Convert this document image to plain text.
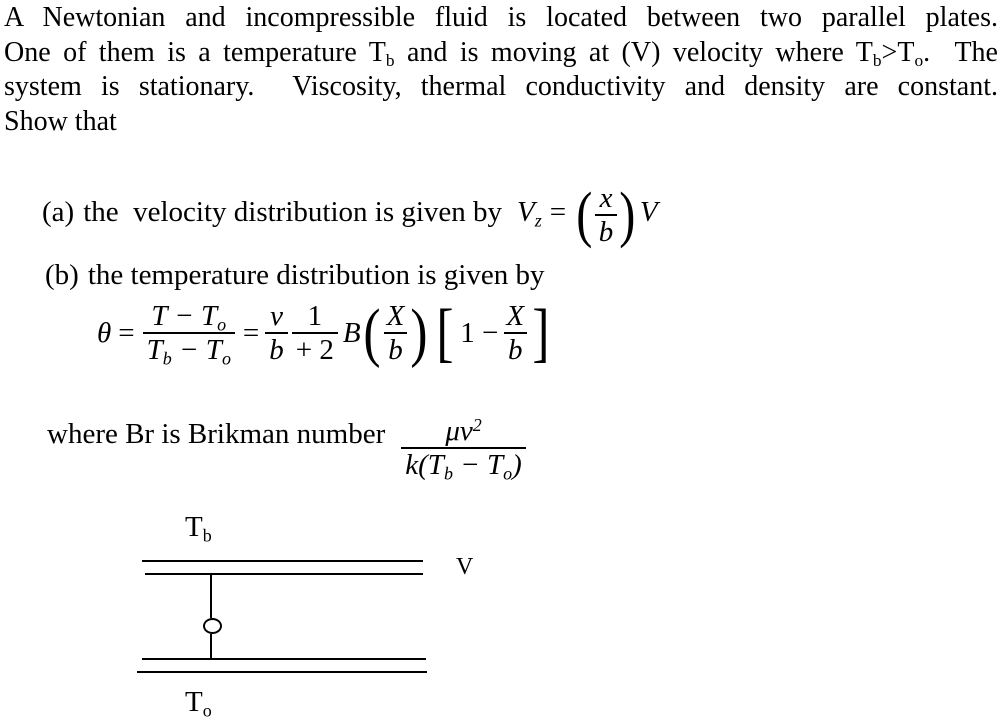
A Newtonian and incompressible fluid is located between two parallel plates.
One of them is a temperature $T_b$ and is moving at (V) velocity where $T_b>T_o$.  The
system is stationary.  Viscosity, thermal conductivity and density are constant.
Show that
(a) the  velocity distribution is given by $V_z$ = ( $\frac{x}{b}$ ) V
(b) the temperature distribution is given by
$\theta = \frac{T - T_o}{T_b - T_o} = \frac{v}{b} \frac{1}{+ 2}$ B ( $\frac{X}{b}$ ) [ $1 - \frac{X}{b}$ ]
where Br is Brikman number $\frac{\mu v^2}{k(T_b - T_o)}$
$T_b$
V
$T_o$
